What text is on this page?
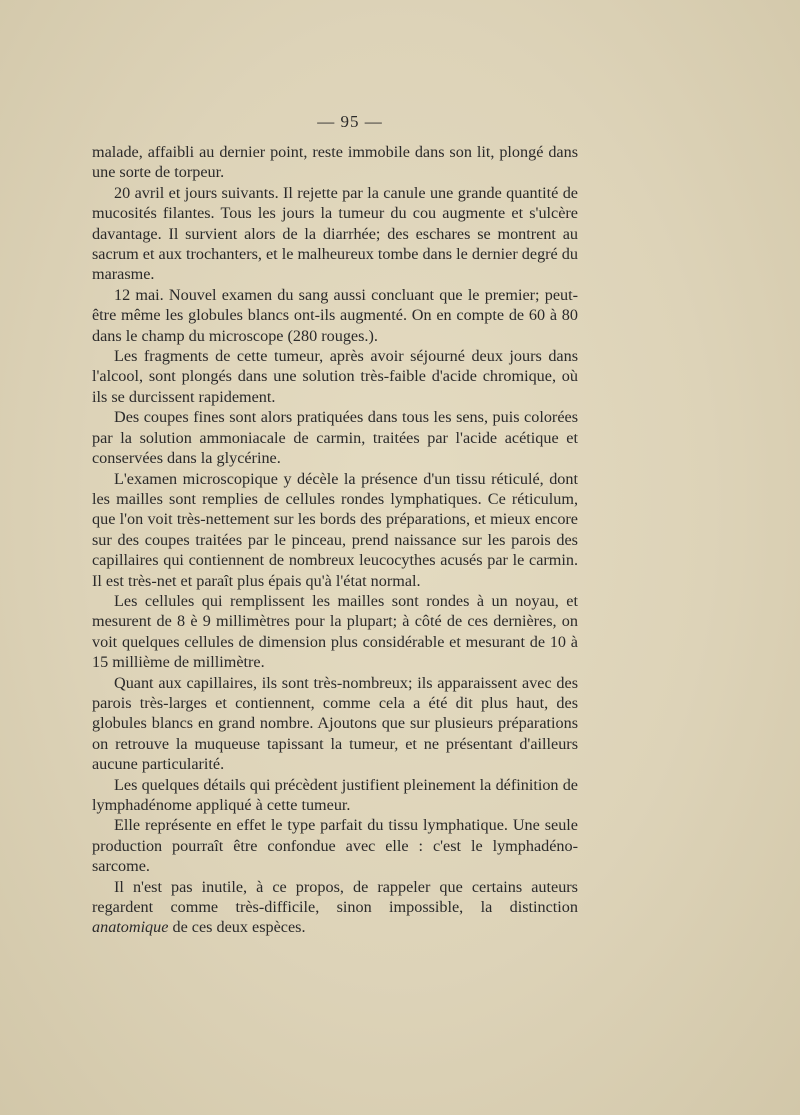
— 95 —

malade, affaibli au dernier point, reste immobile dans son lit, plongé dans une sorte de torpeur.

20 avril et jours suivants. Il rejette par la canule une grande quantité de mucosités filantes. Tous les jours la tumeur du cou augmente et s'ulcère davantage. Il survient alors de la diarrhée; des eschares se montrent au sacrum et aux trochanters, et le malheureux tombe dans le dernier degré du marasme.

12 mai. Nouvel examen du sang aussi concluant que le premier; peut-être même les globules blancs ont-ils augmenté. On en compte de 60 à 80 dans le champ du microscope (280 rouges.).

Les fragments de cette tumeur, après avoir séjourné deux jours dans l'alcool, sont plongés dans une solution très-faible d'acide chromique, où ils se durcissent rapidement.

Des coupes fines sont alors pratiquées dans tous les sens, puis colorées par la solution ammoniacale de carmin, traitées par l'acide acétique et conservées dans la glycérine.

L'examen microscopique y décèle la présence d'un tissu réticulé, dont les mailles sont remplies de cellules rondes lymphatiques. Ce réticulum, que l'on voit très-nettement sur les bords des préparations, et mieux encore sur des coupes traitées par le pinceau, prend naissance sur les parois des capillaires qui contiennent de nombreux leucocythes acusés par le carmin. Il est très-net et paraît plus épais qu'à l'état normal.

Les cellules qui remplissent les mailles sont rondes à un noyau, et mesurent de 8 è 9 millimètres pour la plupart; à côté de ces dernières, on voit quelques cellules de dimension plus considérable et mesurant de 10 à 15 millième de millimètre.

Quant aux capillaires, ils sont très-nombreux; ils apparaissent avec des parois très-larges et contiennent, comme cela a été dit plus haut, des globules blancs en grand nombre. Ajoutons que sur plusieurs préparations on retrouve la muqueuse tapissant la tumeur, et ne présentant d'ailleurs aucune particularité.

Les quelques détails qui précèdent justifient pleinement la définition de lymphadénome appliqué à cette tumeur.

Elle représente en effet le type parfait du tissu lymphatique. Une seule production pourraît être confondue avec elle : c'est le lymphadéno-sarcome.

Il n'est pas inutile, à ce propos, de rappeler que certains auteurs regardent comme très-difficile, sinon impossible, la distinction anatomique de ces deux espèces.
